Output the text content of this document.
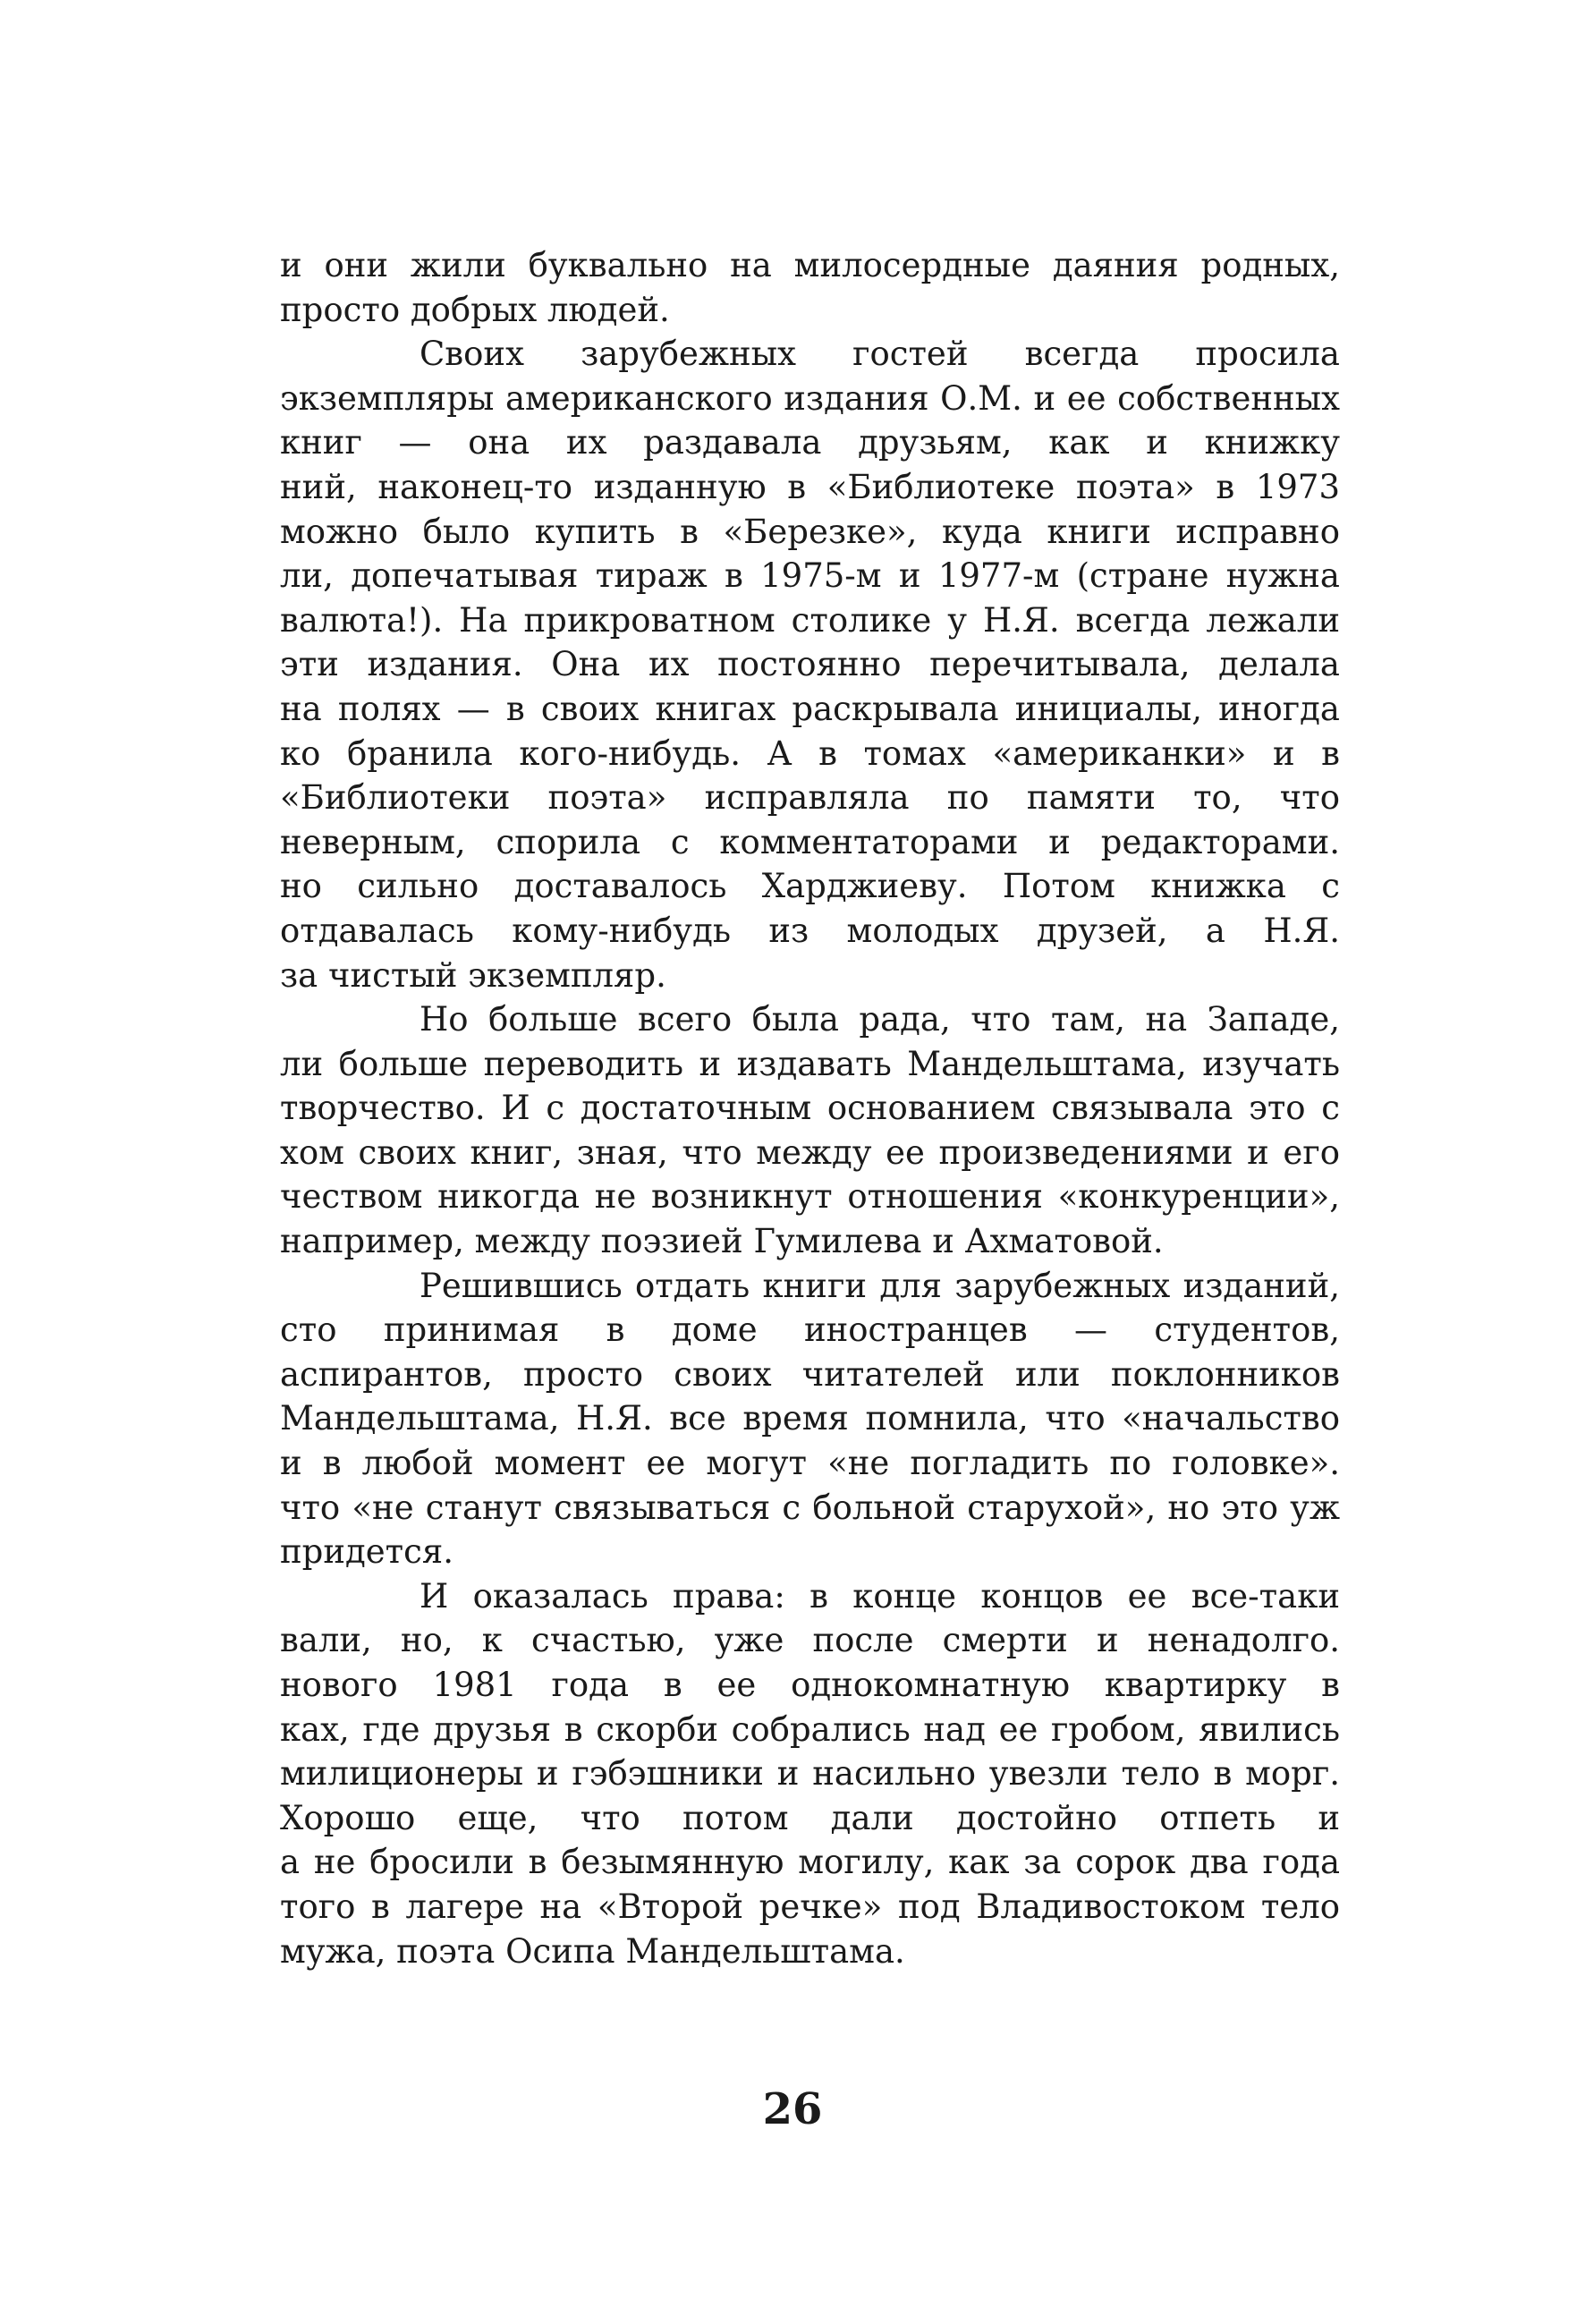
и они жили буквально на милосердные даяния родных,
просто добрых людей.
Своих зарубежных гостей всегда просила
экземпляры американского издания О.М. и ее собственных
книг — она их раздавала друзьям, как и книжку
ний, наконец-то изданную в «Библиотеке поэта» в 1973
можно было купить в «Березке», куда книги исправно
ли, допечатывая тираж в 1975-м и 1977-м (стране нужна
валюта!). На прикроватном столике у Н.Я. всегда лежали
эти издания. Она их постоянно перечитывала, делала
на полях — в своих книгах раскрывала инициалы, иногда
ко бранила кого-нибудь. А в томах «американки» и в
«Библиотеки поэта» исправляла по памяти то, что
неверным, спорила с комментаторами и редакторами.
но сильно доставалось Харджиеву. Потом книжка с
отдавалась кому-нибудь из молодых друзей, а Н.Я.
за чистый экземпляр.
Но больше всего была рада, что там, на Западе,
ли больше переводить и издавать Мандельштама, изучать
творчество. И с достаточным основанием связывала это с
хом своих книг, зная, что между ее произведениями и его
чеством никогда не возникнут отношения «конкуренции»,
например, между поэзией Гумилева и Ахматовой.
Решившись отдать книги для зарубежных изданий,
сто принимая в доме иностранцев — студентов,
аспирантов, просто своих читателей или поклонников
Мандельштама, Н.Я. все время помнила, что «начальство
и в любой момент ее могут «не погладить по головке».
что «не станут связываться с больной старухой», но это уж
придется.
И оказалась права: в конце концов ее все-таки
вали, но, к счастью, уже после смерти и ненадолго.
нового 1981 года в ее однокомнатную квартирку в
ках, где друзья в скорби собрались над ее гробом, явились
милиционеры и гэбэшники и насильно увезли тело в морг.
Хорошо еще, что потом дали достойно отпеть и
а не бросили в безымянную могилу, как за сорок два года
того в лагере на «Второй речке» под Владивостоком тело
мужа, поэта Осипа Мандельштама.
26
